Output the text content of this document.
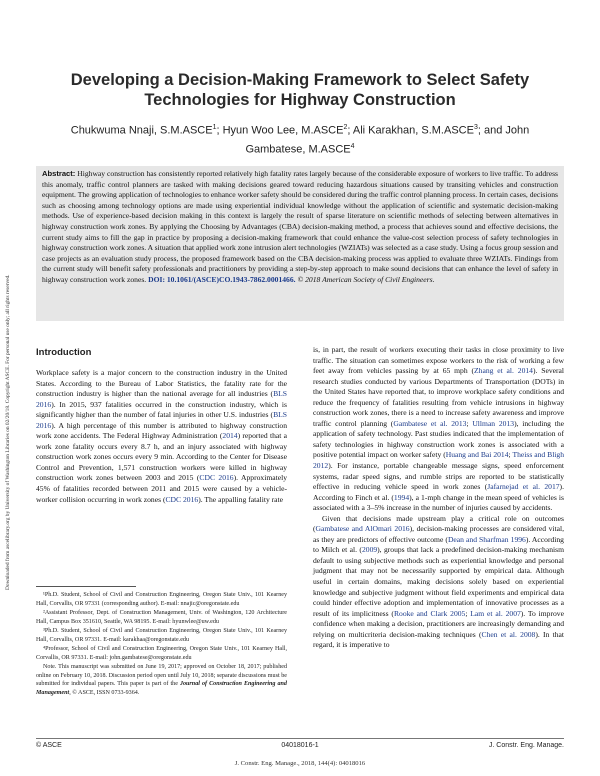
Downloaded from ascelibrary.org by University of Washington Libraries on 02/20/18. Copyright ASCE. For personal use only; all rights reserved.
Developing a Decision-Making Framework to Select Safety Technologies for Highway Construction
Chukwuma Nnaji, S.M.ASCE$^1$; Hyun Woo Lee, M.ASCE$^2$; Ali Karakhan, S.M.ASCE$^3$; and John Gambatese, M.ASCE$^4$

Abstract: Highway construction has consistently reported relatively high fatality rates largely because of the considerable exposure of workers to live traffic. To address this anomaly, traffic control planners are tasked with making decisions geared toward reducing hazardous situations caused by transiting vehicles and construction equipment. The growing application of technologies to enhance worker safety should be considered during the traffic control planning process. In certain cases, decisions such as choosing among technology options are made using experiential individual knowledge without the application of scientific and systematic decision-making methods. Use of experience-based decision making in this context is largely the result of sparse literature on scientific methods of selecting between alternatives in highway construction work zones. By applying the Choosing by Advantages (CBA) decision-making method, a process that achieves sound and effective decisions, the current study aims to fill the gap in practice by proposing a decision-making framework that could enhance the value-cost selection process of safety technologies in highway construction work zones. A situation that applied work zone intrusion alert technologies (WZIATs) was selected as a case study. Using a focus group session and case projects as an evaluation study process, the proposed framework based on the CBA decision-making process was applied to evaluate three WZIATs. Findings from the current study will benefit safety professionals and practitioners by providing a step-by-step approach to make sound decisions that can enhance the level of safety in highway construction work zones. DOI: 10.1061/(ASCE)CO.1943-7862.0001466. © 2018 American Society of Civil Engineers.

Introduction

Workplace safety is a major concern to the construction industry in the United States. According to the Bureau of Labor Statistics, the fatality rate for the construction industry is higher than the national average for all industries (BLS 2016). In 2015, 937 fatalities occurred in the construction industry, which is significantly higher than the number of fatal injuries in other U.S. industries (BLS 2016). A high percentage of this number is attributed to highway construction work zone accidents. The Federal Highway Administration (2014) reported that a work zone fatality occurs every 8.7 h, and an injury associated with highway construction work zones occurs every 9 min. According to the Center for Disease Control and Prevention, 1,571 construction workers were killed in highway construction work zones between 2003 and 2015 (CDC 2016). Approximately 45% of fatalities recorded between 2011 and 2015 were caused by a vehicle-worker collision occurring in work zones (CDC 2016). The appalling fatality rate

¹Ph.D. Student, School of Civil and Construction Engineering, Oregon State Univ., 101 Kearney Hall, Corvallis, OR 97331 (corresponding author). E-mail: nnajic@oregonstate.edu

²Assistant Professor, Dept. of Construction Management, Univ. of Washington, 120 Architecture Hall, Campus Box 351610, Seattle, WA 98195. E-mail: hyunwlee@uw.edu

³Ph.D. Student, School of Civil and Construction Engineering, Oregon State Univ., 101 Kearney Hall, Corvallis, OR 97331. E-mail: karakhaa@oregonstate.edu

⁴Professor, School of Civil and Construction Engineering, Oregon State Univ., 101 Kearney Hall, Corvallis, OR 97331. E-mail: john.gambatese@oregonstate.edu

Note. This manuscript was submitted on June 19, 2017; approved on October 18, 2017; published online on February 10, 2018. Discussion period open until July 10, 2018; separate discussions must be submitted for individual papers. This paper is part of the Journal of Construction Engineering and Management, © ASCE, ISSN 0733-9364.

is, in part, the result of workers executing their tasks in close proximity to live traffic. The situation can sometimes expose workers to the risk of working a few feet away from vehicles passing by at 65 mph (Zhang et al. 2014). Several research studies conducted by various Departments of Transportation (DOTs) in the United States have reported that, to improve workplace safety conditions and reduce the frequency of fatalities resulting from vehicle intrusions in highway construction work zones, there is a need to increase safety awareness and improve traffic control planning (Gambatese et al. 2013; Ullman 2013), including the application of safety technology. Past studies indicated that the implementation of safety technologies in highway construction work zones is associated with a positive potential impact on worker safety (Huang and Bai 2014; Theiss and Bligh 2012). For instance, portable changeable message signs, speed enforcement systems, radar speed signs, and rumble strips are reported to be statistically effective in reducing vehicle speed in work zones (Jafarnejad et al. 2017). According to Finch et al. (1994), a 1-mph change in the mean speed of vehicles is associated with a 3–5% increase in the number of injuries caused by accidents.

Given that decisions made upstream play a critical role on outcomes (Gambatese and AlOmari 2016), decision-making processes are considered vital, as they are predictors of effective outcome (Dean and Sharfman 1996). According to Milch et al. (2009), groups that lack a predefined decision-making mechanism default to using subjective methods such as experiential knowledge and personal judgment that may not be necessarily supported by empirical data. Although useful in certain domains, making decisions solely based on experiential knowledge and subjective judgment without field experiments and empirical data could hinder effective adoption and implementation of innovative processes as a result of its implicitness (Rooke and Clark 2005; Lam et al. 2007). To improve confidence when making a decision, practitioners are increasingly demanding and relying on multicriteria decision-making techniques (Chen et al. 2008). In that regard, it is imperative to

© ASCE	04018016-1	J. Constr. Eng. Manage.
J. Constr. Eng. Manage., 2018, 144(4): 04018016
